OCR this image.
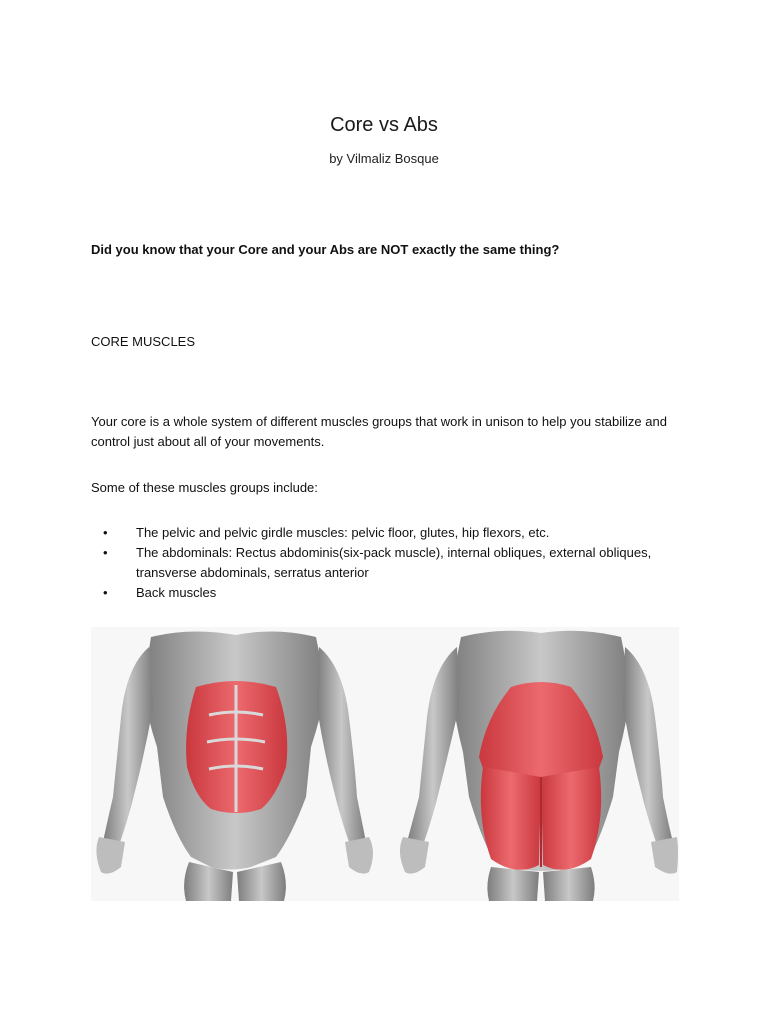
Core vs Abs
by Vilmaliz Bosque
Did you know that your Core and your Abs are NOT exactly the same thing?
CORE MUSCLES
Your core is a whole system of different muscles groups that work in unison to help you stabilize and control just about all of your movements.
Some of these muscles groups include:
• The pelvic and pelvic girdle muscles: pelvic floor, glutes, hip flexors, etc.
• The abdominals: Rectus abdominis(six-pack muscle), internal obliques, external obliques, transverse abdominals, serratus anterior
• Back muscles
